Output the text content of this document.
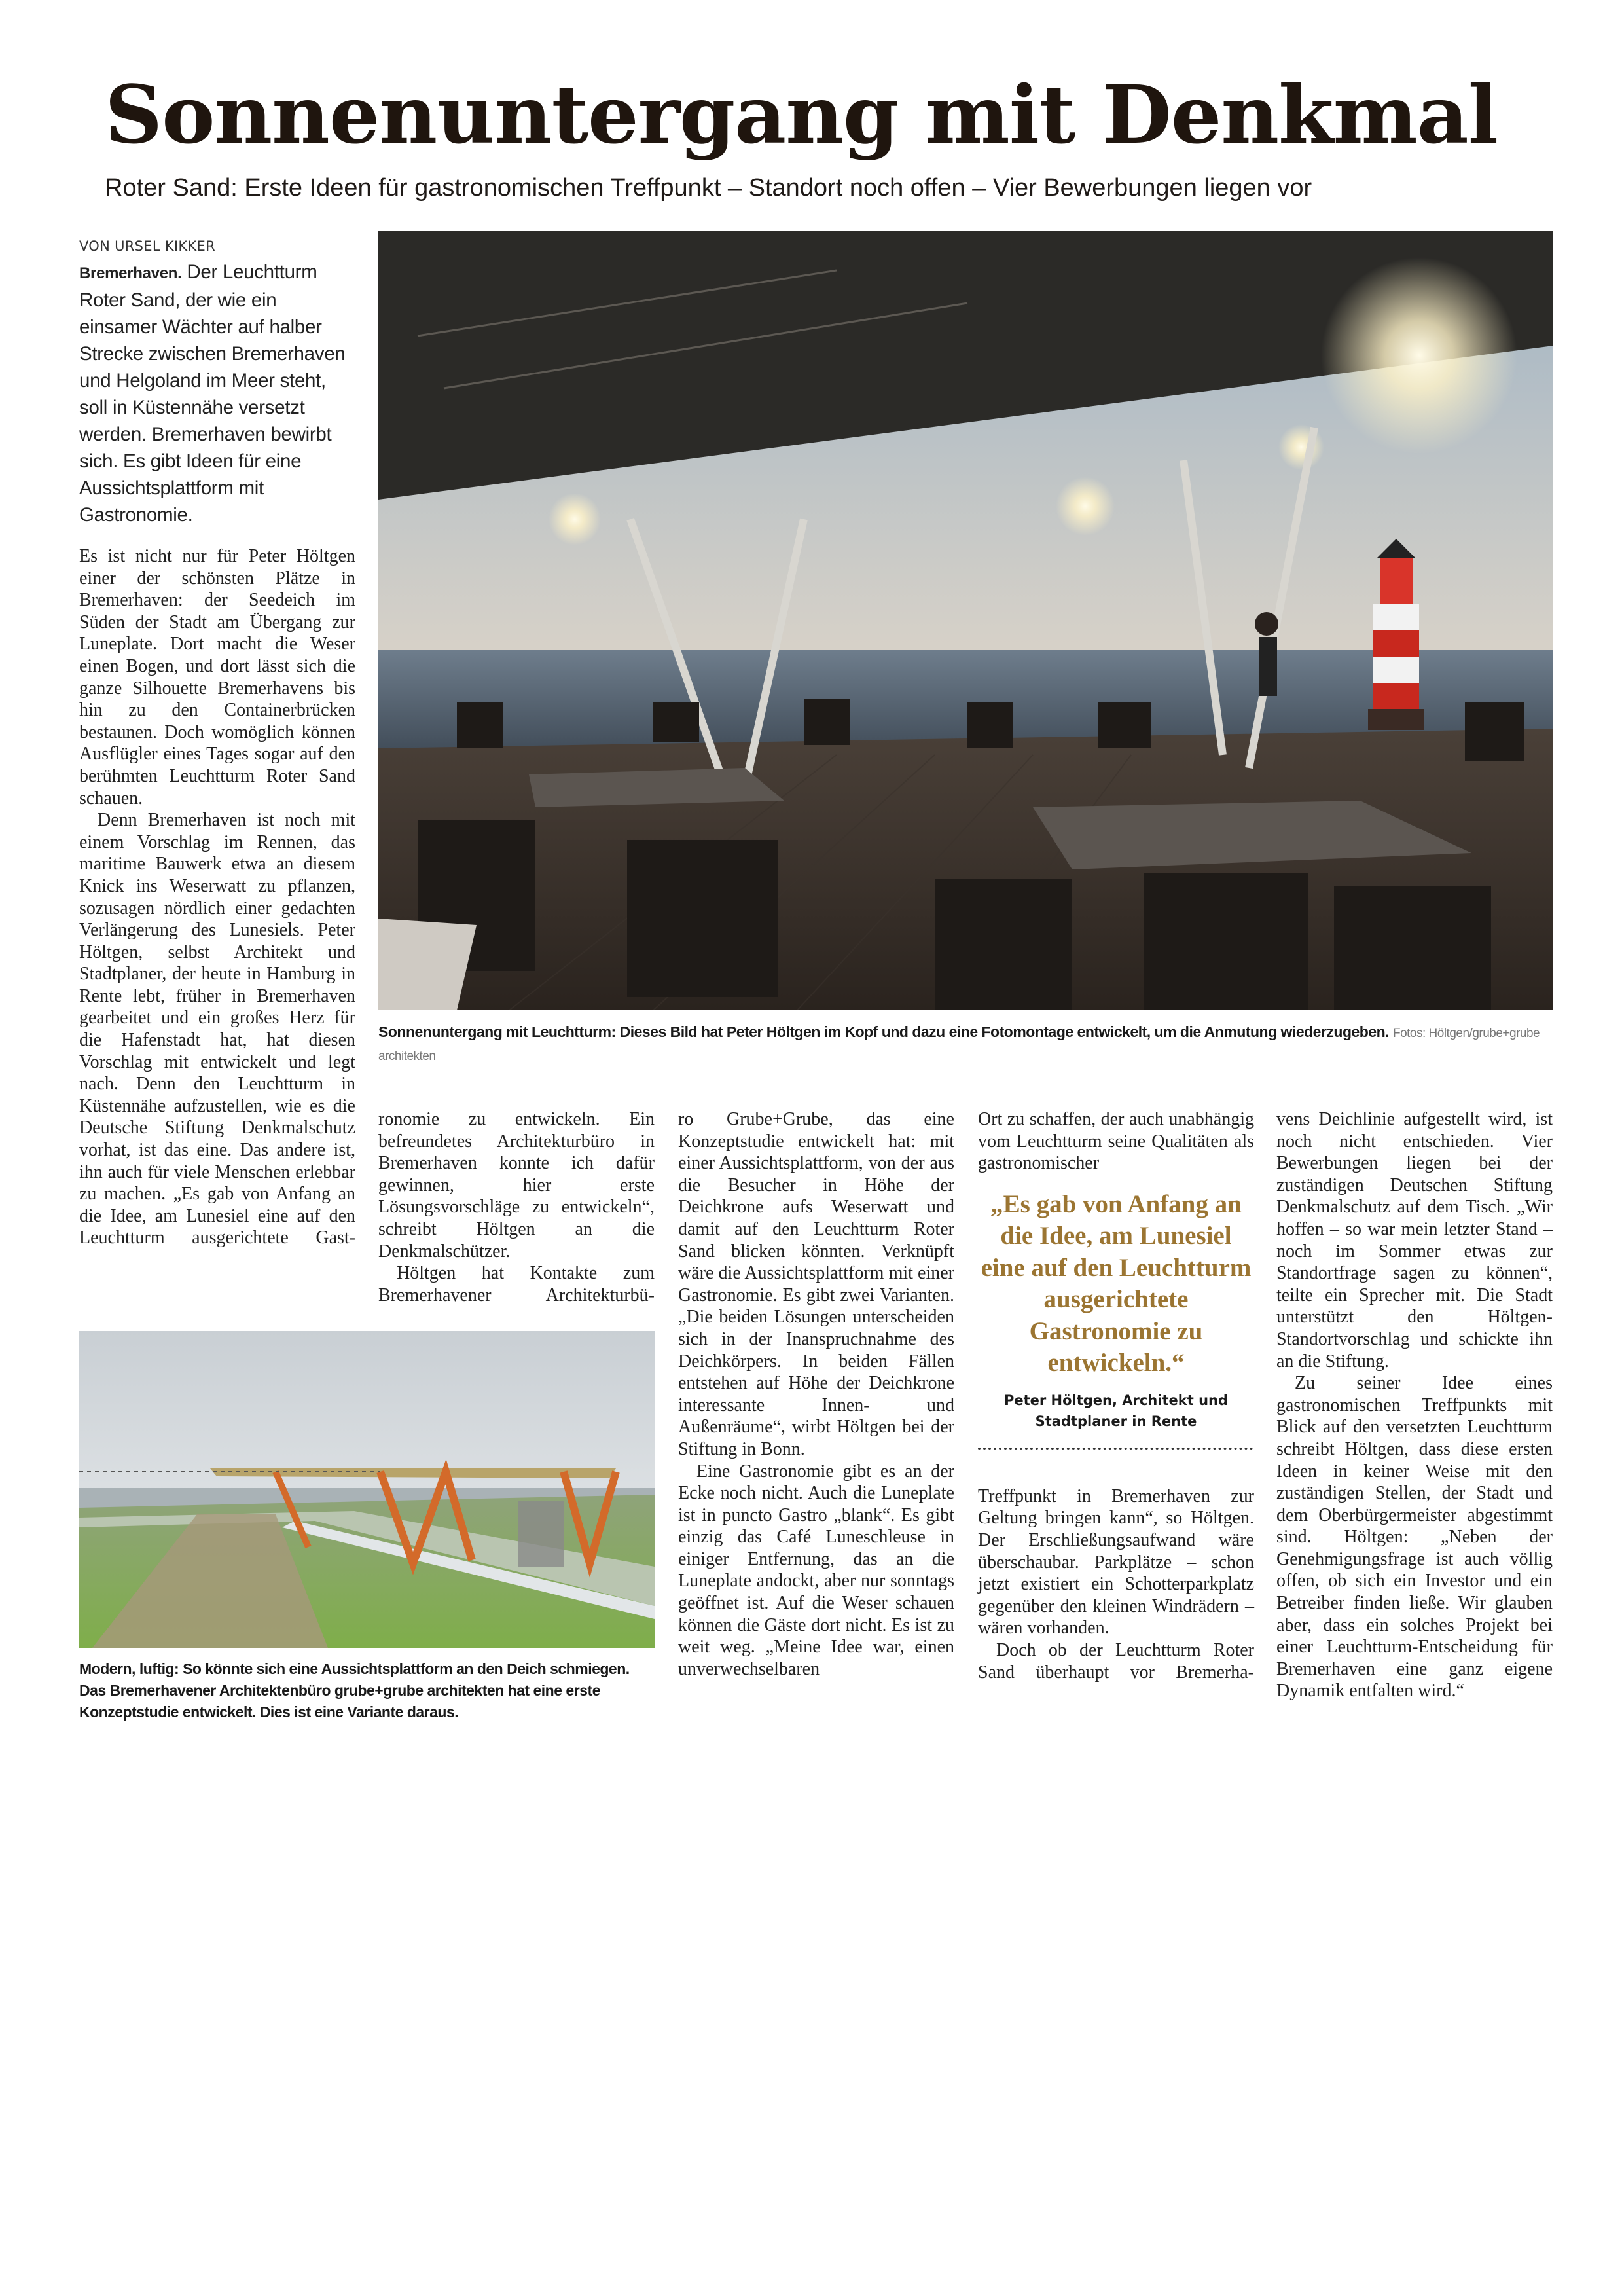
Sonnenuntergang mit Denkmal
Roter Sand: Erste Ideen für gastronomischen Treffpunkt – Standort noch offen – Vier Bewerbungen liegen vor
VON URSEL KIKKER

Bremerhaven. Der Leuchtturm Roter Sand, der wie ein einsamer Wächter auf halber Strecke zwischen Bremerhaven und Helgoland im Meer steht, soll in Küstennähe versetzt werden. Bremerhaven bewirbt sich. Es gibt Ideen für eine Aussichtsplattform mit Gastronomie.

Es ist nicht nur für Peter Höltgen einer der schönsten Plätze in Bremerhaven: der Seedeich im Süden der Stadt am Übergang zur Luneplate. Dort macht die Weser einen Bogen, und dort lässt sich die ganze Silhouette Bremerhavens bis hin zu den Containerbrücken bestaunen. Doch womöglich können Ausflügler eines Tages sogar auf den berühmten Leuchtturm Roter Sand schauen.

Denn Bremerhaven ist noch mit einem Vorschlag im Rennen, das maritime Bauwerk etwa an diesem Knick ins Weserwatt zu pflanzen, sozusagen nördlich einer gedachten Verlängerung des Lunesiels. Peter Höltgen, selbst Architekt und Stadtplaner, der heute in Hamburg in Rente lebt, früher in Bremerhaven gearbeitet und ein großes Herz für die Hafenstadt hat, hat diesen Vorschlag mit entwickelt und legt nach. Denn den Leuchtturm in Küstennähe aufzustellen, wie es die Deutsche Stiftung Denkmalschutz vorhat, ist das eine. Das andere ist, ihn auch für viele Menschen erlebbar zu machen. „Es gab von Anfang an die Idee, am Lunesiel eine auf den Leuchtturm ausgerichtete Gast-

Sonnenuntergang mit Leuchtturm: Dieses Bild hat Peter Höltgen im Kopf und dazu eine Fotomontage entwickelt, um die Anmutung wiederzugeben. Fotos: Höltgen/grube+grube architekten

ronomie zu entwickeln. Ein befreundetes Architekturbüro in Bremerhaven konnte ich dafür gewinnen, hier erste Lösungsvorschläge zu entwickeln“, schreibt Höltgen an die Denkmalschützer.

Höltgen hat Kontakte zum Bremerhavener Architekturbü-

Modern, luftig: So könnte sich eine Aussichtsplattform an den Deich schmiegen. Das Bremerhavener Architektenbüro grube+grube architekten hat eine erste Konzeptstudie entwickelt. Dies ist eine Variante daraus.

ro Grube+Grube, das eine Konzeptstudie entwickelt hat: mit einer Aussichtsplattform, von der aus die Besucher in Höhe der Deichkrone aufs Weserwatt und damit auf den Leuchtturm Roter Sand blicken könnten. Verknüpft wäre die Aussichtsplattform mit einer Gastronomie. Es gibt zwei Varianten. „Die beiden Lösungen unterscheiden sich in der Inanspruchnahme des Deichkörpers. In beiden Fällen entstehen auf Höhe der Deichkrone interessante Innen- und Außenräume“, wirbt Höltgen bei der Stiftung in Bonn.

Eine Gastronomie gibt es an der Ecke noch nicht. Auch die Luneplate ist in puncto Gastro „blank“. Es gibt einzig das Café Luneschleuse in einiger Entfernung, das an die Luneplate andockt, aber nur sonntags geöffnet ist. Auf die Weser schauen können die Gäste dort nicht. Es ist zu weit weg. „Meine Idee war, einen unverwechselbaren

Ort zu schaffen, der auch unabhängig vom Leuchtturm seine Qualitäten als gastronomischer

„Es gab von Anfang an die Idee, am Lunesiel eine auf den Leuchtturm ausgerichtete Gastronomie zu entwickeln.“
Peter Höltgen, Architekt und
Stadtplaner in Rente

Treffpunkt in Bremerhaven zur Geltung bringen kann“, so Höltgen. Der Erschließungsaufwand wäre überschaubar. Parkplätze – schon jetzt existiert ein Schotterparkplatz gegenüber den kleinen Windrädern – wären vorhanden.

Doch ob der Leuchtturm Roter Sand überhaupt vor Bremerha-

vens Deichlinie aufgestellt wird, ist noch nicht entschieden. Vier Bewerbungen liegen bei der zuständigen Deutschen Stiftung Denkmalschutz auf dem Tisch. „Wir hoffen – so war mein letzter Stand – noch im Sommer etwas zur Standortfrage sagen zu können“, teilte ein Sprecher mit. Die Stadt unterstützt den Höltgen-Standortvorschlag und schickte ihn an die Stiftung.

Zu seiner Idee eines gastronomischen Treffpunkts mit Blick auf den versetzten Leuchtturm schreibt Höltgen, dass diese ersten Ideen in keiner Weise mit den zuständigen Stellen, der Stadt und dem Oberbürgermeister abgestimmt sind. Höltgen: „Neben der Genehmigungsfrage ist auch völlig offen, ob sich ein Investor und ein Betreiber finden ließe. Wir glauben aber, dass ein solches Projekt bei einer Leuchtturm-Entscheidung für Bremerhaven eine ganz eigene Dynamik entfalten wird.“
